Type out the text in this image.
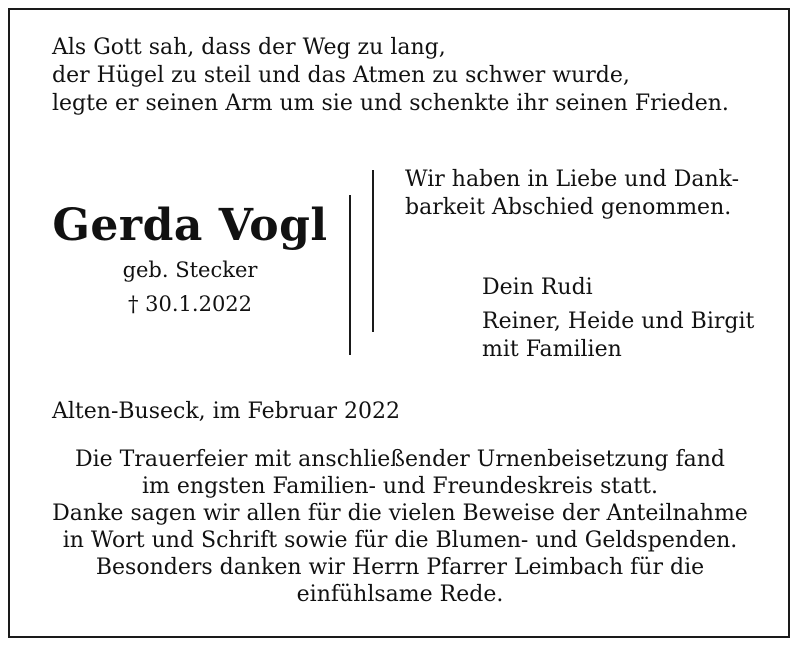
Als Gott sah, dass der Weg zu lang,
der Hügel zu steil und das Atmen zu schwer wurde,
legte er seinen Arm um sie und schenkte ihr seinen Frieden.
Gerda Vogl
geb. Stecker
† 30.1.2022
Wir haben in Liebe und Dank-
barkeit Abschied genommen.
Dein Rudi
Reiner, Heide und Birgit
mit Familien
Alten-Buseck, im Februar 2022
Die Trauerfeier mit anschließender Urnenbeisetzung fand
im engsten Familien- und Freundeskreis statt.
Danke sagen wir allen für die vielen Beweise der Anteilnahme
in Wort und Schrift sowie für die Blumen- und Geldspenden.
Besonders danken wir Herrn Pfarrer Leimbach für die
einfühlsame Rede.
